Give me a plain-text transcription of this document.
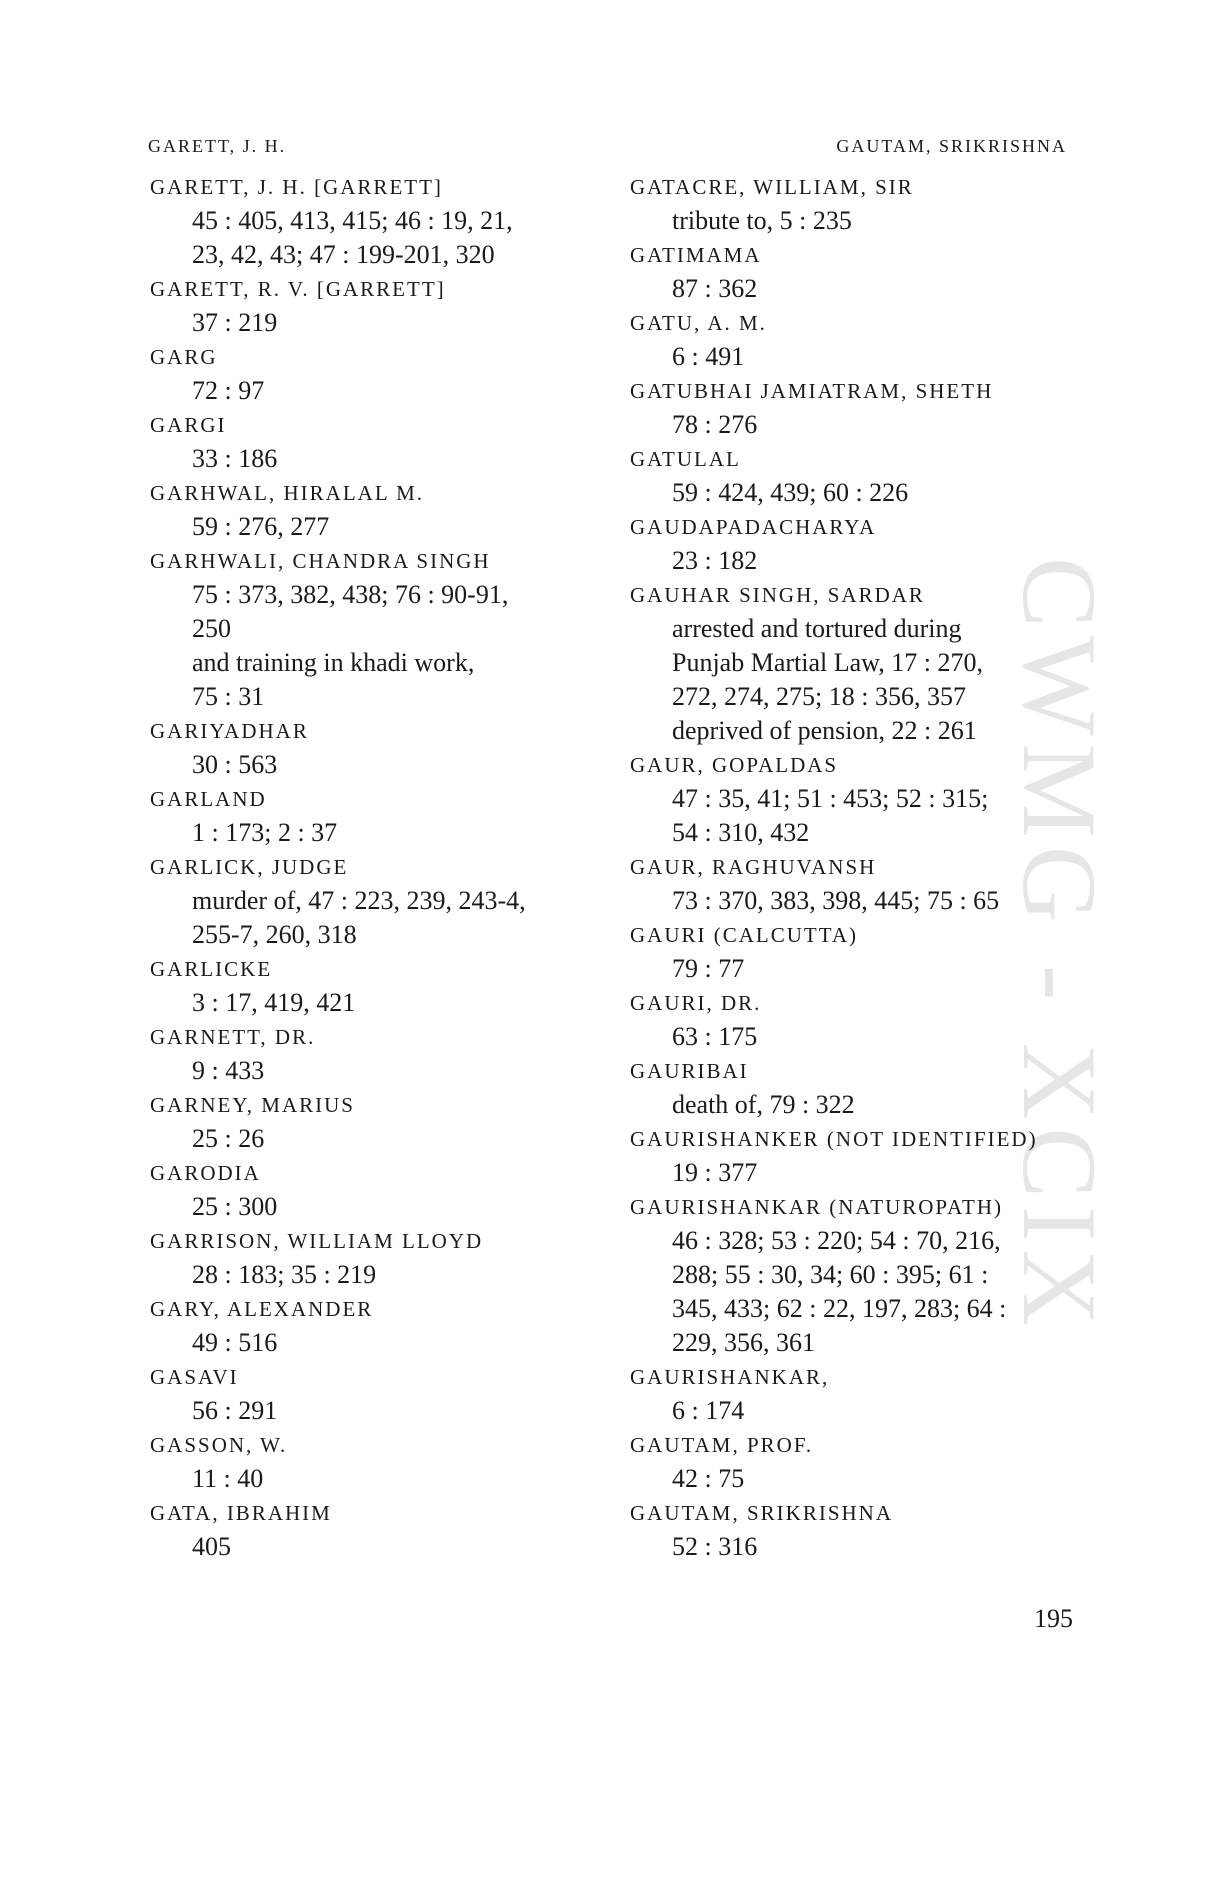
CWMG - XCIX
GARETT, J. H.	GAUTAM, SRIKRISHNA
GARETT, J. H. [GARRETT]
45 : 405, 413, 415; 46 : 19, 21,
23, 42, 43; 47 : 199-201, 320
GARETT, R. V. [GARRETT]
37 : 219
GARG
72 : 97
GARGI
33 : 186
GARHWAL, HIRALAL M.
59 : 276, 277
GARHWALI, CHANDRA SINGH
75 : 373, 382, 438; 76 : 90-91,
250
and training in khadi work,
75 : 31
GARIYADHAR
30 : 563
GARLAND
1 : 173; 2 : 37
GARLICK, JUDGE
murder of, 47 : 223, 239, 243-4,
255-7, 260, 318
GARLICKE
3 : 17, 419, 421
GARNETT, DR.
9 : 433
GARNEY, MARIUS
25 : 26
GARODIA
25 : 300
GARRISON, WILLIAM LLOYD
28 : 183; 35 : 219
GARY, ALEXANDER
49 : 516
GASAVI
56 : 291
GASSON, W.
11 : 40
GATA, IBRAHIM
405
GATACRE, WILLIAM, SIR
tribute to, 5 : 235
GATIMAMA
87 : 362
GATU, A. M.
6 : 491
GATUBHAI JAMIATRAM, SHETH
78 : 276
GATULAL
59 : 424, 439; 60 : 226
GAUDAPADACHARYA
23 : 182
GAUHAR SINGH, SARDAR
arrested and tortured during
Punjab Martial Law, 17 : 270,
272, 274, 275; 18 : 356, 357
deprived of pension, 22 : 261
GAUR, GOPALDAS
47 : 35, 41; 51 : 453; 52 : 315;
54 : 310, 432
GAUR, RAGHUVANSH
73 : 370, 383, 398, 445; 75 : 65
GAURI (CALCUTTA)
79 : 77
GAURI, DR.
63 : 175
GAURIBAI
death of, 79 : 322
GAURISHANKER (NOT IDENTIFIED)
19 : 377
GAURISHANKAR (NATUROPATH)
46 : 328; 53 : 220; 54 : 70, 216,
288; 55 : 30, 34; 60 : 395; 61 :
345, 433; 62 : 22, 197, 283; 64 :
229, 356, 361
GAURISHANKAR,
6 : 174
GAUTAM, PROF.
42 : 75
GAUTAM, SRIKRISHNA
52 : 316
195
